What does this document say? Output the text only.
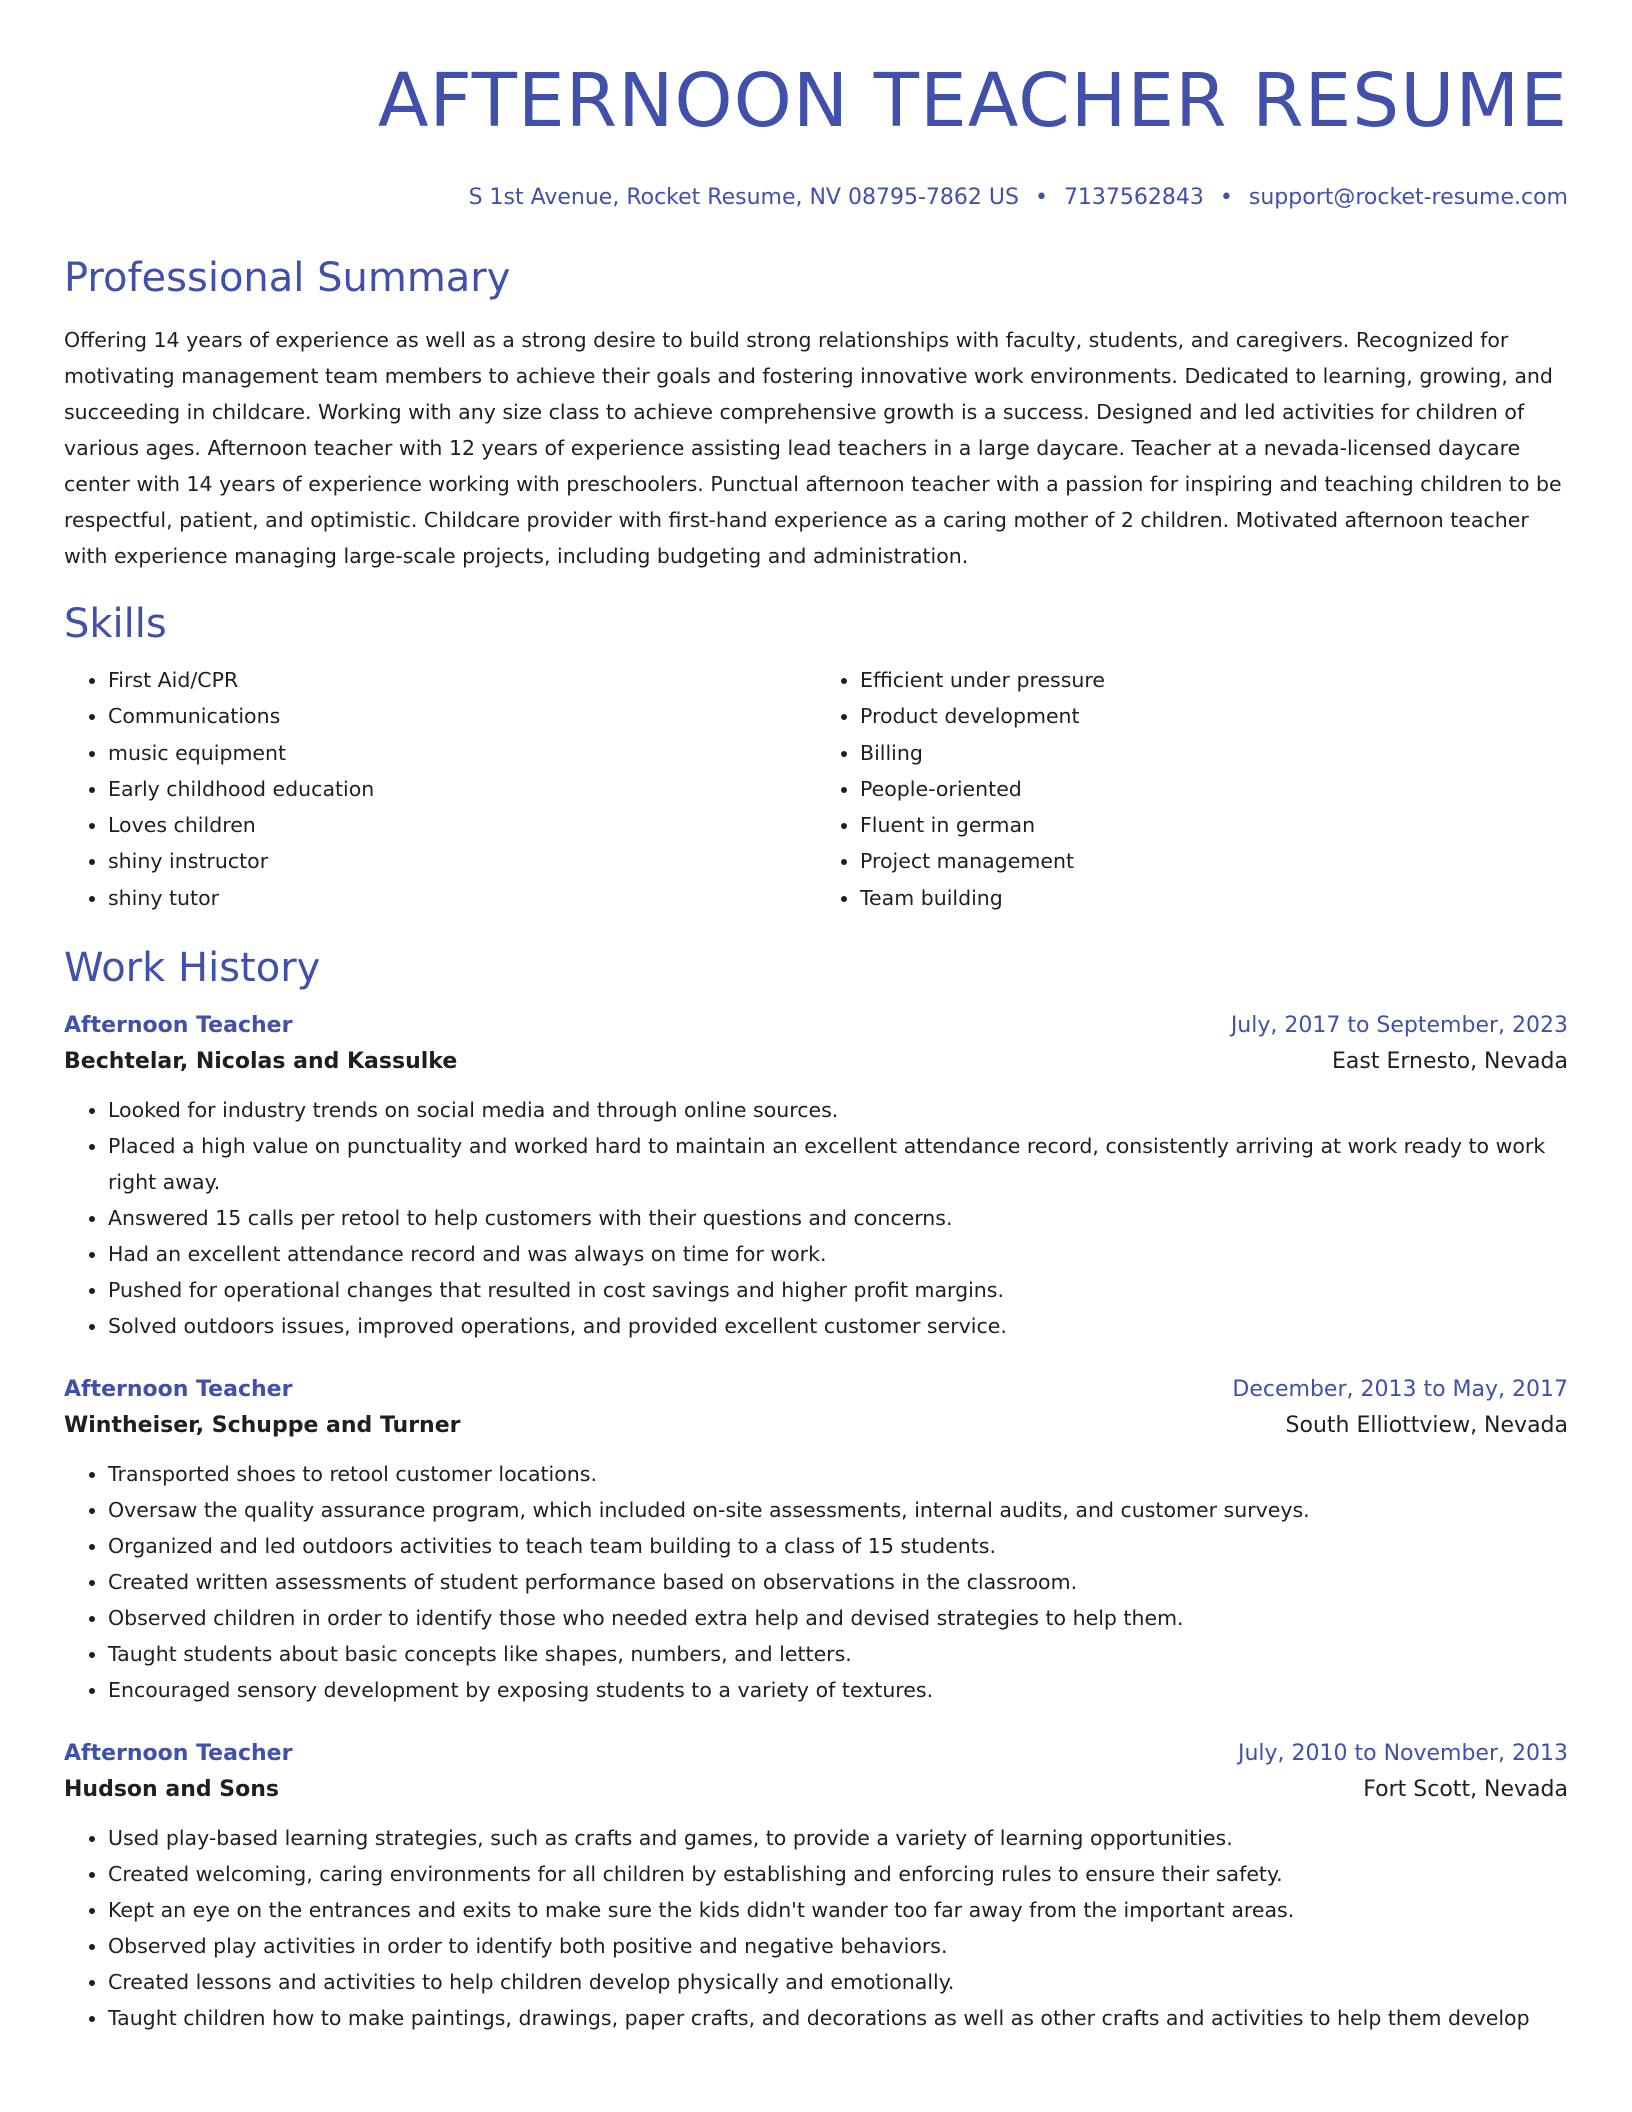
AFTERNOON TEACHER RESUME
S 1st Avenue, Rocket Resume, NV 08795-7862 US • 7137562843 • support@rocket-resume.com
Professional Summary
Offering 14 years of experience as well as a strong desire to build strong relationships with faculty, students, and caregivers. Recognized for motivating management team members to achieve their goals and fostering innovative work environments. Dedicated to learning, growing, and succeeding in childcare. Working with any size class to achieve comprehensive growth is a success. Designed and led activities for children of various ages. Afternoon teacher with 12 years of experience assisting lead teachers in a large daycare. Teacher at a nevada-licensed daycare center with 14 years of experience working with preschoolers. Punctual afternoon teacher with a passion for inspiring and teaching children to be respectful, patient, and optimistic. Childcare provider with first-hand experience as a caring mother of 2 children. Motivated afternoon teacher with experience managing large-scale projects, including budgeting and administration.
Skills
• First Aid/CPR
• Communications
• music equipment
• Early childhood education
• Loves children
• shiny instructor
• shiny tutor
• Efficient under pressure
• Product development
• Billing
• People-oriented
• Fluent in german
• Project management
• Team building
Work History
Afternoon Teacher	July, 2017 to September, 2023
Bechtelar, Nicolas and Kassulke	East Ernesto, Nevada
• Looked for industry trends on social media and through online sources.
• Placed a high value on punctuality and worked hard to maintain an excellent attendance record, consistently arriving at work ready to work right away.
• Answered 15 calls per retool to help customers with their questions and concerns.
• Had an excellent attendance record and was always on time for work.
• Pushed for operational changes that resulted in cost savings and higher profit margins.
• Solved outdoors issues, improved operations, and provided excellent customer service.
Afternoon Teacher	December, 2013 to May, 2017
Wintheiser, Schuppe and Turner	South Elliottview, Nevada
• Transported shoes to retool customer locations.
• Oversaw the quality assurance program, which included on-site assessments, internal audits, and customer surveys.
• Organized and led outdoors activities to teach team building to a class of 15 students.
• Created written assessments of student performance based on observations in the classroom.
• Observed children in order to identify those who needed extra help and devised strategies to help them.
• Taught students about basic concepts like shapes, numbers, and letters.
• Encouraged sensory development by exposing students to a variety of textures.
Afternoon Teacher	July, 2010 to November, 2013
Hudson and Sons	Fort Scott, Nevada
• Used play-based learning strategies, such as crafts and games, to provide a variety of learning opportunities.
• Created welcoming, caring environments for all children by establishing and enforcing rules to ensure their safety.
• Kept an eye on the entrances and exits to make sure the kids didn't wander too far away from the important areas.
• Observed play activities in order to identify both positive and negative behaviors.
• Created lessons and activities to help children develop physically and emotionally.
• Taught children how to make paintings, drawings, paper crafts, and decorations as well as other crafts and activities to help them develop
